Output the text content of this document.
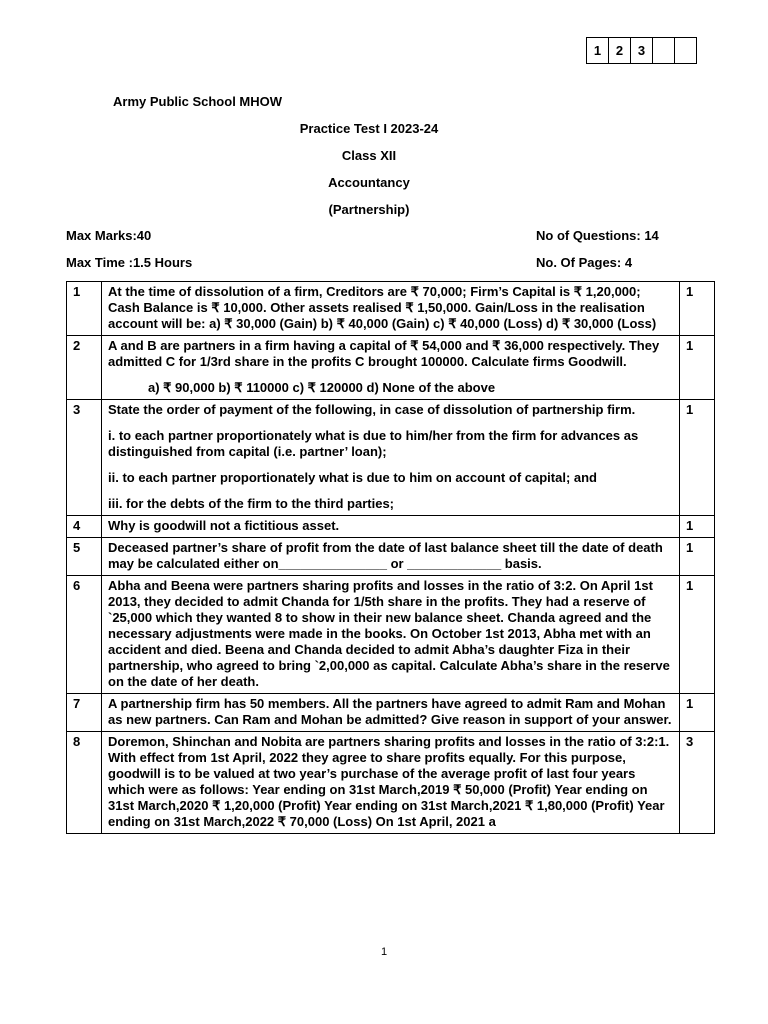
1	2	3		
Army Public School MHOW
Practice Test I 2023-24
Class XII
Accountancy
(Partnership)
Max Marks:40	No of Questions: 14
Max Time :1.5 Hours	No. Of Pages: 4
1	At the time of dissolution of a firm, Creditors are ₹ 70,000; Firm’s Capital is ₹ 1,20,000; Cash Balance is ₹ 10,000. Other assets realised ₹ 1,50,000. Gain/Loss in the realisation account will be: a) ₹ 30,000 (Gain) b) ₹ 40,000 (Gain) c) ₹ 40,000 (Loss) d) ₹ 30,000 (Loss)	1
2	A and B are partners in a firm having a capital of ₹ 54,000 and ₹ 36,000 respectively. They admitted C for 1/3rd share in the profits C brought 100000. Calculate firms Goodwill.

a) ₹ 90,000 b) ₹ 110000 c) ₹ 120000 d) None of the above	1
3	State the order of payment of the following, in case of dissolution of partnership firm.

i. to each partner proportionately what is due to him/her from the firm for advances as distinguished from capital (i.e. partner’ loan);

ii. to each partner proportionately what is due to him on account of capital; and

iii. for the debts of the firm to the third parties;	1
4	Why is goodwill not a fictitious asset.	1
5	Deceased partner’s share of profit from the date of last balance sheet till the date of death may be calculated either on_______________ or _____________ basis.	1
6	Abha and Beena were partners sharing profits and losses in the ratio of 3:2. On April 1st 2013, they decided to admit Chanda for 1/5th share in the profits. They had a reserve of `25,000 which they wanted 8 to show in their new balance sheet. Chanda agreed and the necessary adjustments were made in the books. On October 1st 2013, Abha met with an accident and died. Beena and Chanda decided to admit Abha’s daughter Fiza in their partnership, who agreed to bring `2,00,000 as capital. Calculate Abha’s share in the reserve on the date of her death.	1
7	A partnership firm has 50 members. All the partners have agreed to admit Ram and Mohan as new partners. Can Ram and Mohan be admitted? Give reason in support of your answer.	1
8	Doremon, Shinchan and Nobita are partners sharing profits and losses in the ratio of 3:2:1. With effect from 1st April, 2022 they agree to share profits equally. For this purpose, goodwill is to be valued at two year’s purchase of the average profit of last four years which were as follows: Year ending on 31st March,2019 ₹ 50,000 (Profit) Year ending on 31st March,2020 ₹ 1,20,000 (Profit) Year ending on 31st March,2021 ₹ 1,80,000 (Profit) Year ending on 31st March,2022 ₹ 70,000 (Loss) On 1st April, 2021 a	3
1
